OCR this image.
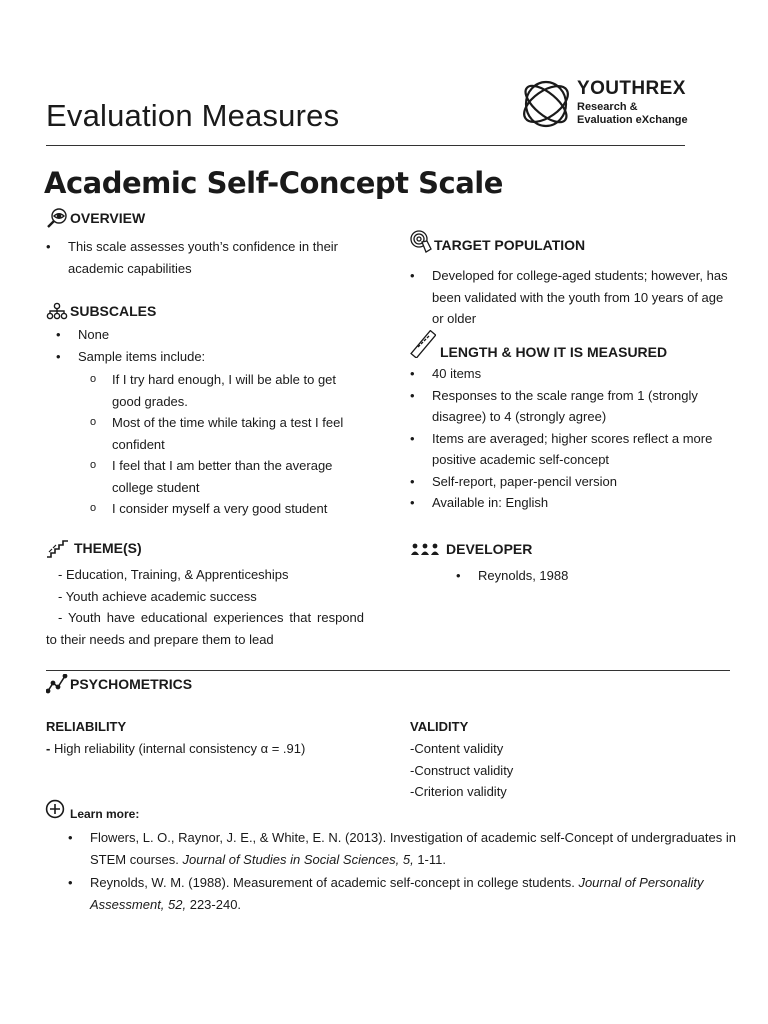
Evaluation Measures
YOUTHREX
Research &
Evaluation eXchange
Academic Self-Concept Scale
OVERVIEW
• This scale assesses youth’s confidence in their academic capabilities
SUBSCALES
• None
• Sample items include:
o If I try hard enough, I will be able to get good grades.
o Most of the time while taking a test I feel confident
o I feel that I am better than the average college student
o I consider myself a very good student
THEME(S)
- Education, Training, & Apprenticeships
- Youth achieve academic success
- Youth have educational experiences that respond to their needs and prepare them to lead
TARGET POPULATION
• Developed for college-aged students; however, has been validated with the youth from 10 years of age or older
LENGTH & HOW IT IS MEASURED
• 40 items
• Responses to the scale range from 1 (strongly disagree) to 4 (strongly agree)
• Items are averaged; higher scores reflect a more positive academic self-concept
• Self-report, paper-pencil version
• Available in: English
DEVELOPER
• Reynolds, 1988
PSYCHOMETRICS
RELIABILITY
- High reliability (internal consistency α = .91)
VALIDITY
-Content validity
-Construct validity
-Criterion validity
Learn more:
• Flowers, L. O., Raynor, J. E., & White, E. N. (2013). Investigation of academic self-Concept of undergraduates in STEM courses. Journal of Studies in Social Sciences, 5, 1-11.
• Reynolds, W. M. (1988). Measurement of academic self-concept in college students. Journal of Personality Assessment, 52, 223-240.
